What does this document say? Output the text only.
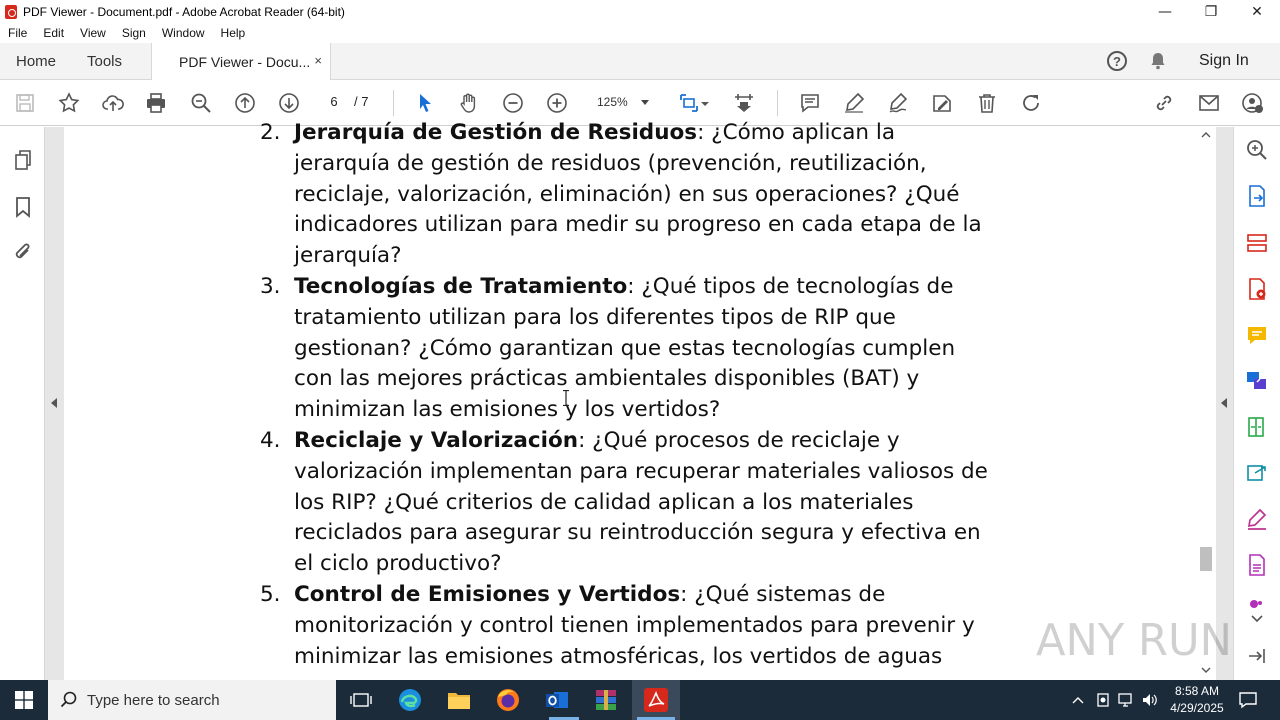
PDF Viewer - Document.pdf - Adobe Acrobat Reader (64-bit)	—	❐	✕
File	Edit	View	Sign	Window	Help
Home Tools	PDF Viewer - Docu... ×	?	Sign In
6	/ 7	125%
2. Jerarquía de Gestión de Residuos: ¿Cómo aplican la
jerarquía de gestión de residuos (prevención, reutilización,
reciclaje, valorización, eliminación) en sus operaciones? ¿Qué
indicadores utilizan para medir su progreso en cada etapa de la
jerarquía?
3. Tecnologías de Tratamiento: ¿Qué tipos de tecnologías de
tratamiento utilizan para los diferentes tipos de RIP que
gestionan? ¿Cómo garantizan que estas tecnologías cumplen
con las mejores prácticas ambientales disponibles (BAT) y
minimizan las emisiones y los vertidos?
4. Reciclaje y Valorización: ¿Qué procesos de reciclaje y
valorización implementan para recuperar materiales valiosos de
los RIP? ¿Qué criterios de calidad aplican a los materiales
reciclados para asegurar su reintroducción segura y efectiva en
el ciclo productivo?
5. Control de Emisiones y Vertidos: ¿Qué sistemas de
monitorización y control tienen implementados para prevenir y
minimizar las emisiones atmosféricas, los vertidos de aguas	ANY RUN
Type here to search
8:58 AM
4/29/2025
